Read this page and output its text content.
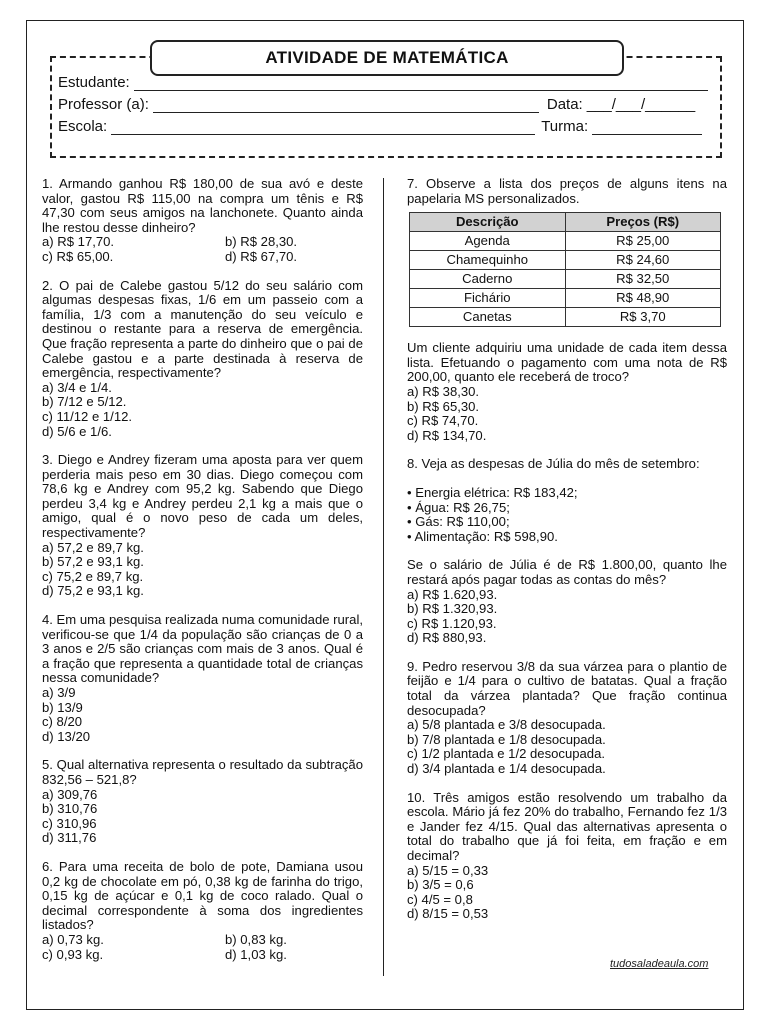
ATIVIDADE DE MATEMÁTICA
Estudante:
Professor (a):	Data: ___/___/______
Escola:	Turma:

1. Armando ganhou R$ 180,00 de sua avó e deste valor, gastou R$ 115,00 na compra um tênis e R$ 47,30 com seus amigos na lanchonete. Quanto ainda lhe restou desse dinheiro?

a) R$ 17,70.	b) R$ 28,30.
c) R$ 65,00.	d) R$ 67,70.

2. O pai de Calebe gastou 5/12 do seu salário com algumas despesas fixas, 1/6 em um passeio com a família, 1/3 com a manutenção do seu veículo e destinou o restante para a reserva de emergência. Que fração representa a parte do dinheiro que o pai de Calebe gastou e a parte destinada à reserva de emergência, respectivamente?

a) 3/4 e 1/4.

b) 7/12 e 5/12.

c) 11/12 e 1/12.

d) 5/6 e 1/6.

3. Diego e Andrey fizeram uma aposta para ver quem perderia mais peso em 30 dias. Diego começou com 78,6 kg e Andrey com 95,2 kg. Sabendo que Diego perdeu 3,4 kg e Andrey perdeu 2,1 kg a mais que o amigo, qual é o novo peso de cada um deles, respectivamente?

a) 57,2 e 89,7 kg.

b) 57,2 e 93,1 kg.

c) 75,2 e 89,7 kg.

d) 75,2 e 93,1 kg.

4. Em uma pesquisa realizada numa comunidade rural, verificou-se que 1/4 da população são crianças de 0 a 3 anos e 2/5 são crianças com mais de 3 anos. Qual é a fração que representa a quantidade total de crianças nessa comunidade?

a) 3/9

b) 13/9

c) 8/20

d) 13/20

5. Qual alternativa representa o resultado da subtração 832,56 – 521,8?

a) 309,76

b) 310,76

c) 310,96

d) 311,76

6. Para uma receita de bolo de pote, Damiana usou 0,2 kg de chocolate em pó, 0,38 kg de farinha do trigo, 0,15 kg de açúcar e 0,1 kg de coco ralado. Qual o decimal correspondente à soma dos ingredientes listados?

a) 0,73 kg.	b) 0,83 kg.
c) 0,93 kg.	d) 1,03 kg.

7. Observe a lista dos preços de alguns itens na papelaria MS personalizados.

Descrição	Preços (R$)
Agenda	R$ 25,00
Chamequinho	R$ 24,60
Caderno	R$ 32,50
Fichário	R$ 48,90
Canetas	R$ 3,70

Um cliente adquiriu uma unidade de cada item dessa lista. Efetuando o pagamento com uma nota de R$ 200,00, quanto ele receberá de troco?

a) R$ 38,30.

b) R$ 65,30.

c) R$ 74,70.

d) R$ 134,70.

8. Veja as despesas de Júlia do mês de setembro:

• Energia elétrica: R$ 183,42;

• Água: R$ 26,75;

• Gás: R$ 110,00;

• Alimentação: R$ 598,90.

Se o salário de Júlia é de R$ 1.800,00, quanto lhe restará após pagar todas as contas do mês?

a) R$ 1.620,93.

b) R$ 1.320,93.

c) R$ 1.120,93.

d) R$ 880,93.

9. Pedro reservou 3/8 da sua várzea para o plantio de feijão e 1/4 para o cultivo de batatas. Qual a fração total da várzea plantada? Que fração continua desocupada?

a) 5/8 plantada e 3/8 desocupada.

b) 7/8 plantada e 1/8 desocupada.

c) 1/2 plantada e 1/2 desocupada.

d) 3/4 plantada e 1/4 desocupada.

10. Três amigos estão resolvendo um trabalho da escola. Mário já fez 20% do trabalho, Fernando fez 1/3 e Jander fez 4/15. Qual das alternativas apresenta o total do trabalho que já foi feita, em fração e em decimal?

a) 5/15 = 0,33

b) 3/5 = 0,6

c) 4/5 = 0,8

d) 8/15 = 0,53

tudosaladeaula.com
